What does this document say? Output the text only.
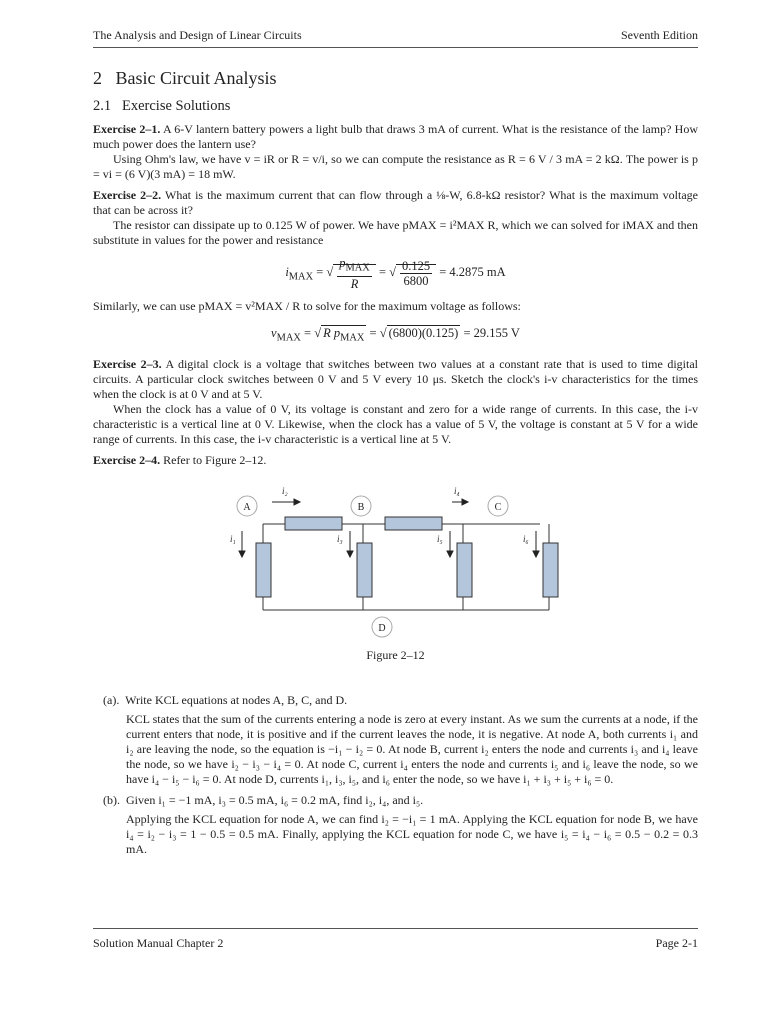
The Analysis and Design of Linear Circuits	Seventh Edition
2 Basic Circuit Analysis
2.1 Exercise Solutions

Exercise 2–1. A 6-V lantern battery powers a light bulb that draws 3 mA of current. What is the resistance of the lamp? How much power does the lantern use?

Using Ohm's law, we have v = iR or R = v/i, so we can compute the resistance as R = 6 V / 3 mA = 2 kΩ. The power is p = vi = (6 V)(3 mA) = 18 mW.

Exercise 2–2. What is the maximum current that can flow through a ⅛-W, 6.8-kΩ resistor? What is the maximum voltage that can be across it?

The resistor can dissipate up to 0.125 W of power. We have pMAX = i²MAX R, which we can solved for iMAX and then substitute in values for the power and resistance

$i_{MAX}$ = √ $\frac{p_{MAX}}{R}$ = √ $\frac{0.125}{6800} = 4.2875$ mA

Similarly, we can use pMAX = v²MAX / R to solve for the maximum voltage as follows:

$v_{MAX}$ = √ R $p_{MAX}$ = √ (6800)(0.125) = 29.155 V

Exercise 2–3. A digital clock is a voltage that switches between two values at a constant rate that is used to time digital circuits. A particular clock switches between 0 V and 5 V every 10 μs. Sketch the clock's i-v characteristics for the times when the clock is at 0 V and at 5 V.

When the clock has a value of 0 V, its voltage is constant and zero for a wide range of currents. In this case, the i-v characteristic is a vertical line at 0 V. Likewise, when the clock has a value of 5 V, the voltage is constant at 5 V for a wide range of currents. In this case, the i-v characteristic is a vertical line at 5 V.

Exercise 2–4. Refer to Figure 2–12.
A	B	C
D
i₁
i₂
i₃
i₄
i₅	i₆
Figure 2–12
(a). Write KCL equations at nodes A, B, C, and D.
KCL states that the sum of the currents entering a node is zero at every instant. As we sum the currents at a node, if the current enters that node, it is positive and if the current leaves the node, it is negative. At node A, both currents i₁ and i₂ are leaving the node, so the equation is −i₁ − i₂ = 0. At node B, current i₂ enters the node and currents i₃ and i₄ leave the node, so we have i₂ − i₃ − i₄ = 0. At node C, current i₄ enters the node and currents i₅ and i₆ leave the node, so we have i₄ − i₅ − i₆ = 0. At node D, currents i₁, i₃, i₅, and i₆ enter the node, so we have i₁ + i₃ + i₅ + i₆ = 0.
(b). Given i₁ = −1 mA, i₃ = 0.5 mA, i₆ = 0.2 mA, find i₂, i₄, and i₅.
Applying the KCL equation for node A, we can find i₂ = −i₁ = 1 mA. Applying the KCL equation for node B, we have i₄ = i₂ − i₃ = 1 − 0.5 = 0.5 mA. Finally, applying the KCL equation for node C, we have i₅ = i₄ − i₆ = 0.5 − 0.2 = 0.3 mA.
Solution Manual Chapter 2	Page 2-1
